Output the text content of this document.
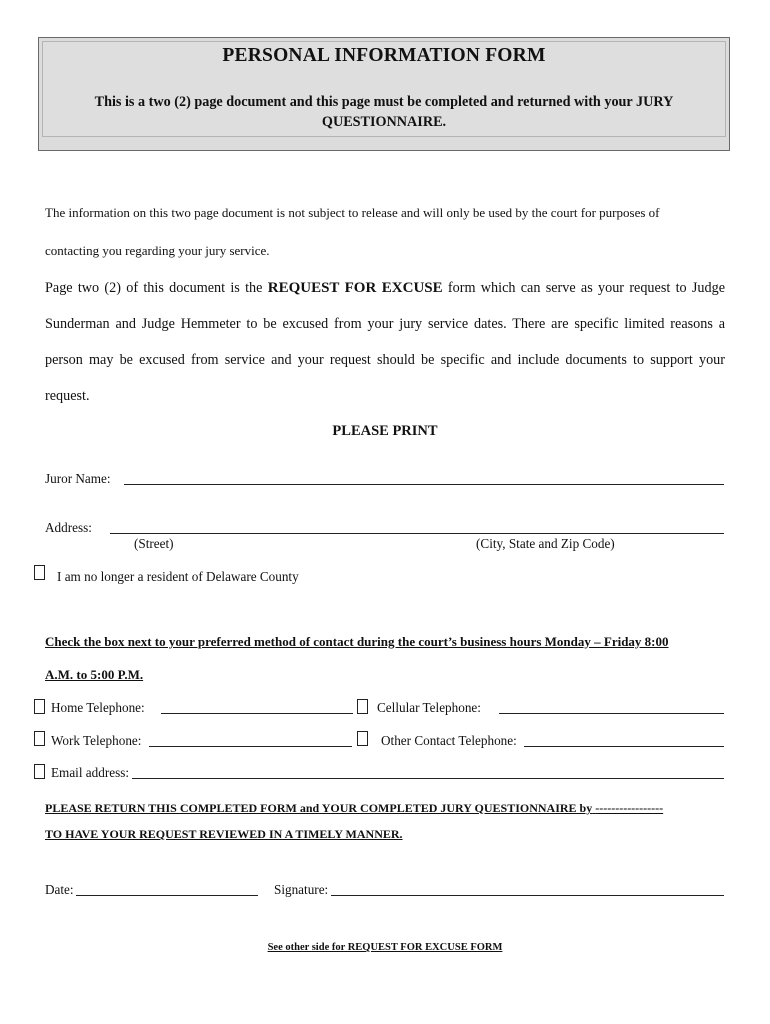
PERSONAL INFORMATION FORM
This is a two (2) page document and this page must be completed and returned with your JURY QUESTIONNAIRE.
The information on this two page document is not subject to release and will only be used by the court for purposes of
contacting you regarding your jury service.
Page two (2) of this document is the REQUEST FOR EXCUSE form which can serve as your request to Judge
Sunderman and Judge Hemmeter to be excused from your jury service dates. There are specific limited reasons a
person may be excused from service and your request should be specific and include documents to support your
request.
PLEASE PRINT
Juror Name:
Address:
(Street)	(City, State and Zip Code)
I am no longer a resident of Delaware County
Check the box next to your preferred method of contact during the court’s business hours Monday – Friday 8:00
A.M. to 5:00 P.M.
Home Telephone:	Cellular Telephone:
Work Telephone:	Other Contact Telephone:
Email address:
PLEASE RETURN THIS COMPLETED FORM and YOUR COMPLETED JURY QUESTIONNAIRE by -----------------
TO HAVE YOUR REQUEST REVIEWED IN A TIMELY MANNER.
Date:	Signature:
See other side for REQUEST FOR EXCUSE FORM
